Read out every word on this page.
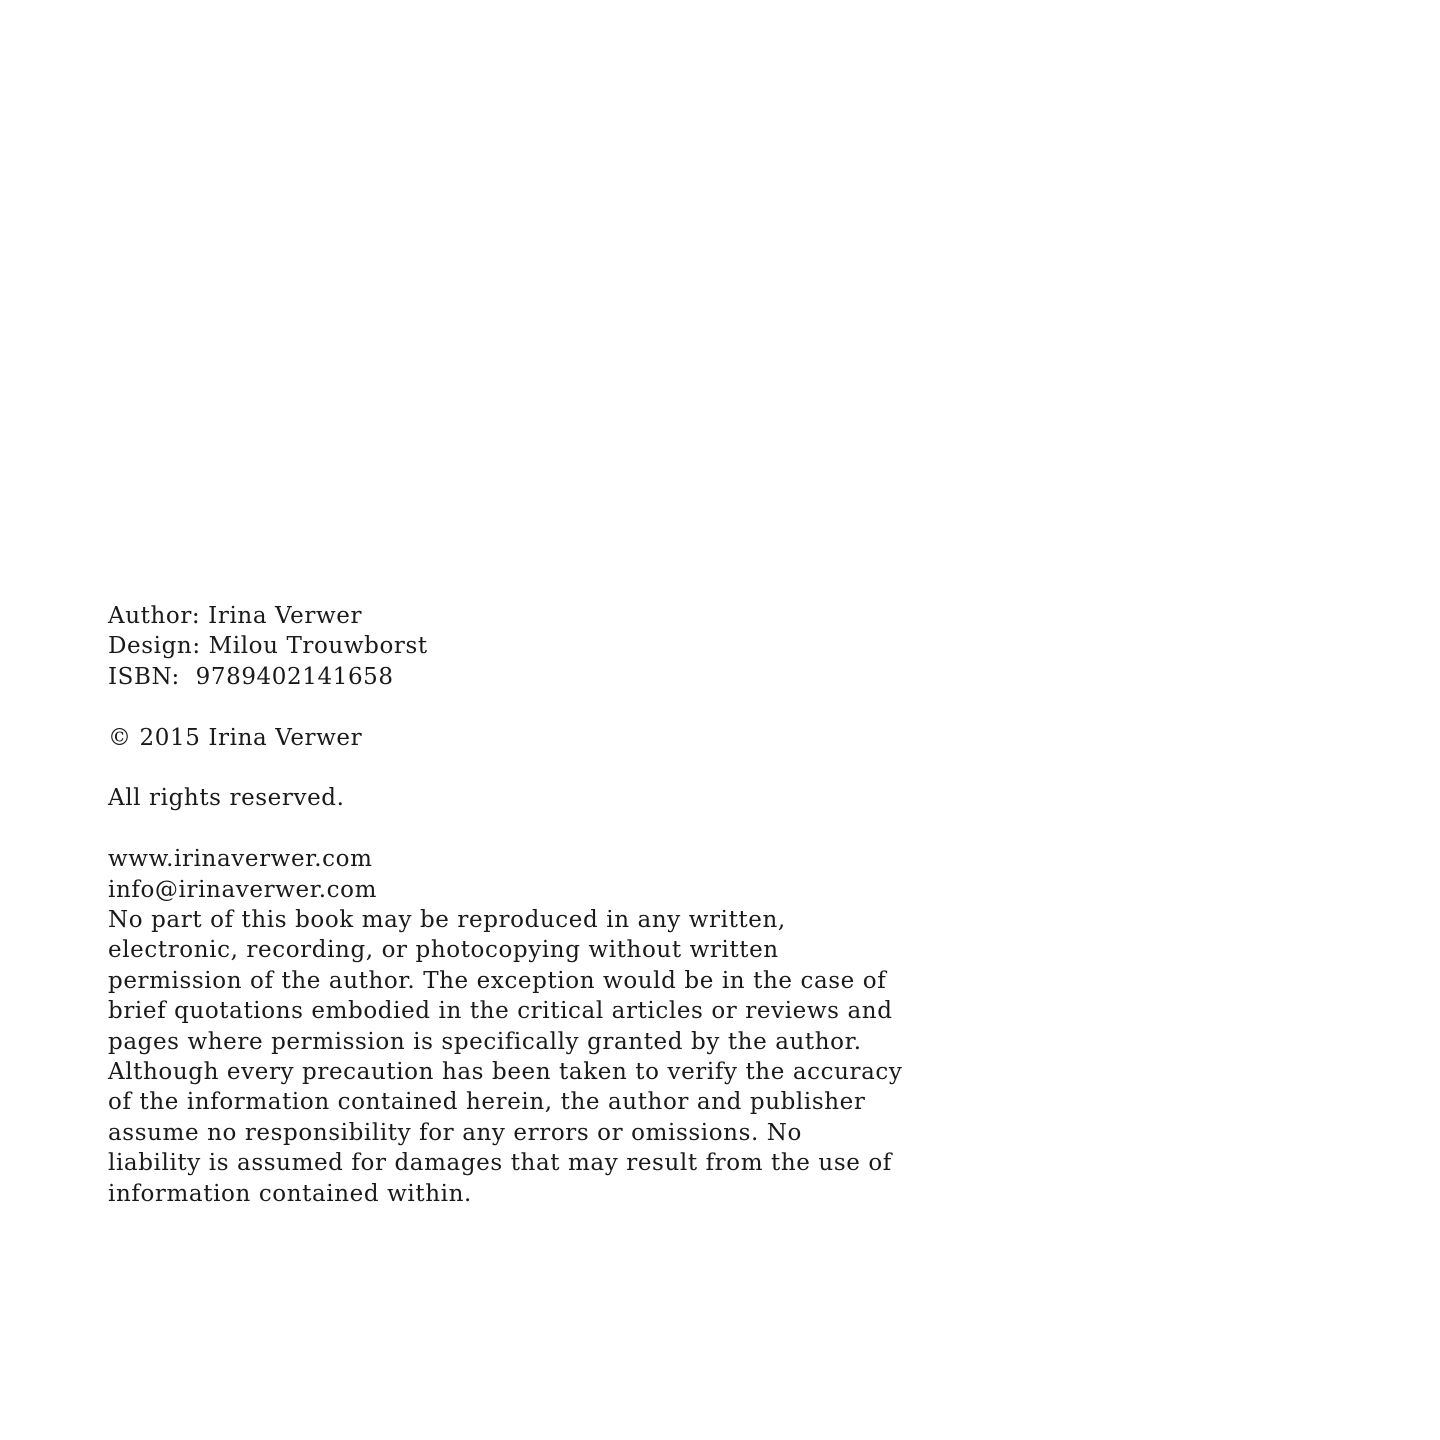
Author: Irina Verwer
Design: Milou Trouwborst
ISBN:  9789402141658
© 2015 Irina Verwer
All rights reserved.
www.irinaverwer.com
info@irinaverwer.com
No part of this book may be reproduced in any written,
electronic, recording, or photocopying without written
permission of the author. The exception would be in the case of
brief quotations embodied in the critical articles or reviews and
pages where permission is specifically granted by the author.
Although every precaution has been taken to verify the accuracy
of the information contained herein, the author and publisher
assume no responsibility for any errors or omissions. No
liability is assumed for damages that may result from the use of
information contained within.
